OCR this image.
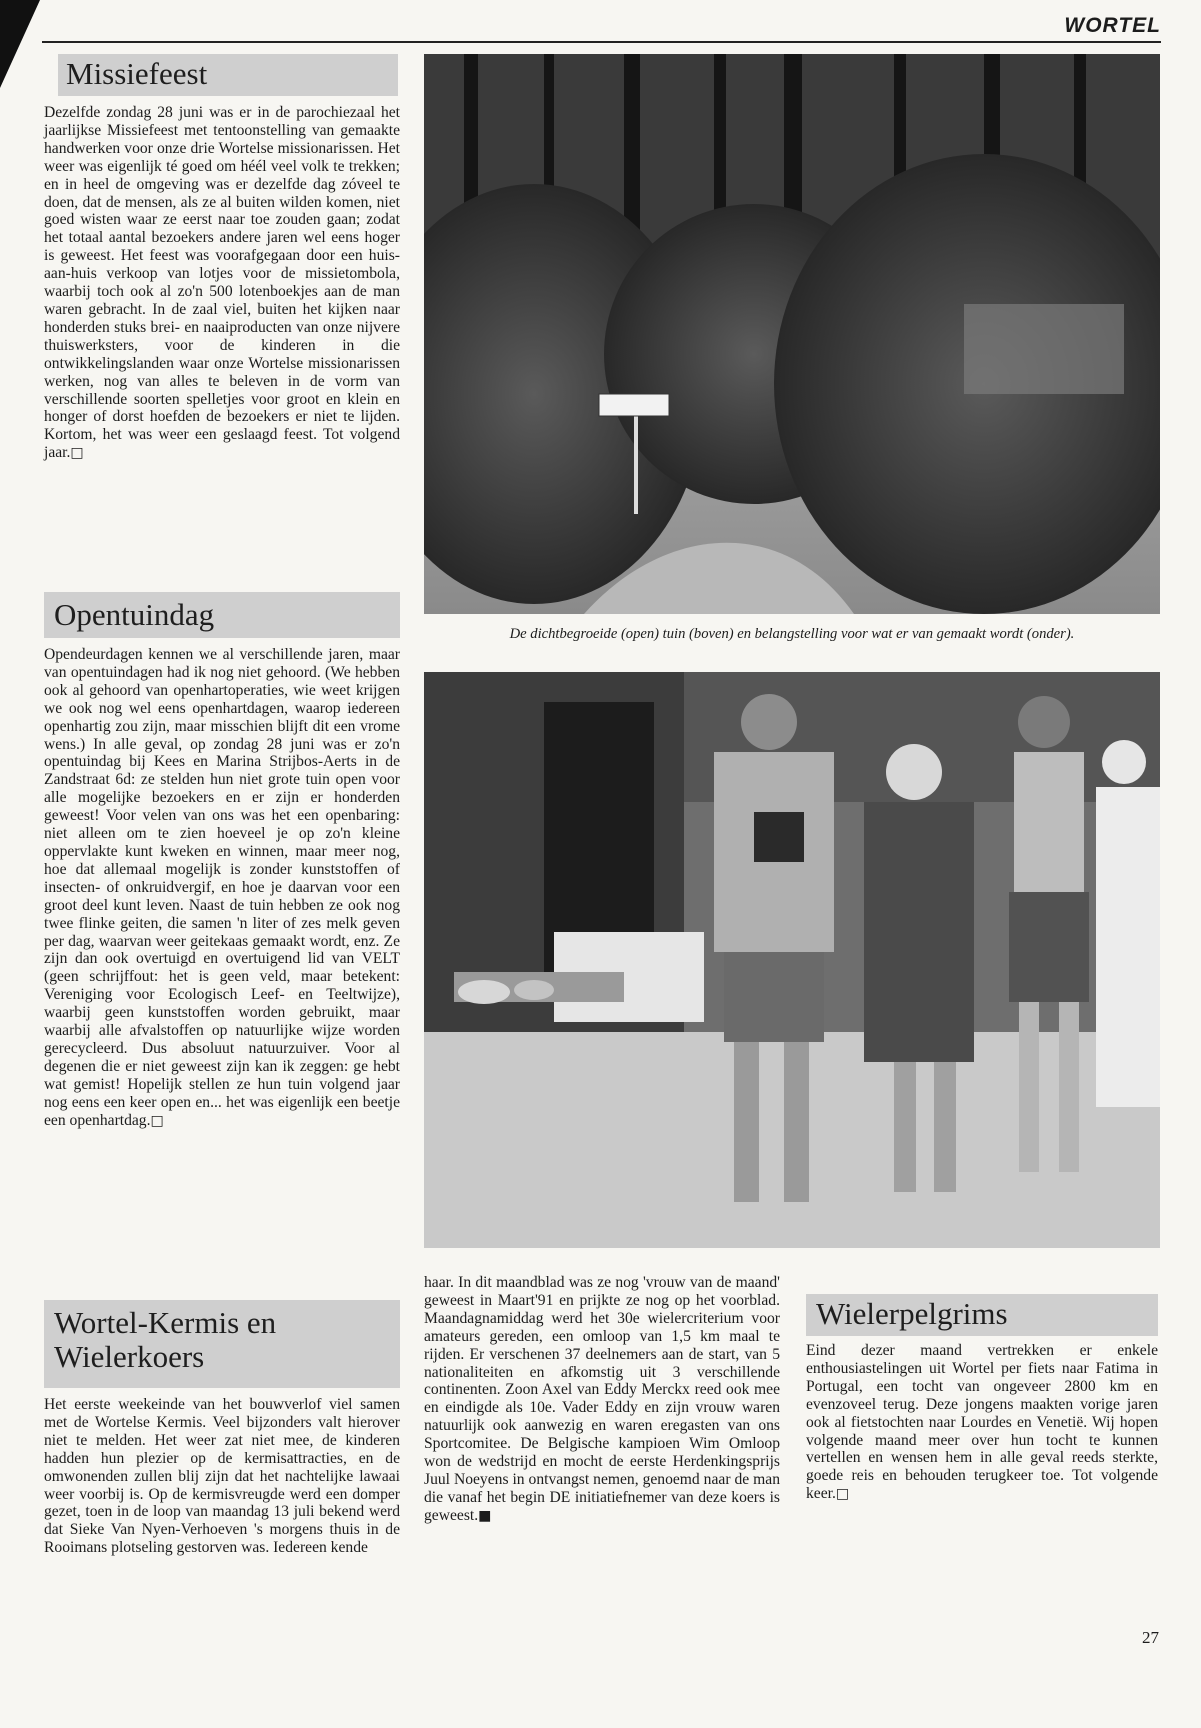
WORTEL
Missiefeest

Dezelfde zondag 28 juni was er in de parochiezaal het jaarlijkse Missiefeest met tentoonstelling van gemaakte handwerken voor onze drie Wortelse missionarissen. Het weer was eigenlijk té goed om héél veel volk te trekken; en in heel de omgeving was er dezelfde dag zóveel te doen, dat de mensen, als ze al buiten wilden komen, niet goed wisten waar ze eerst naar toe zouden gaan; zodat het totaal aantal bezoekers andere jaren wel eens hoger is geweest. Het feest was voorafgegaan door een huis-aan-huis verkoop van lotjes voor de missietombola, waarbij toch ook al zo'n 500 lotenboekjes aan de man waren gebracht. In de zaal viel, buiten het kijken naar honderden stuks brei- en naaiproducten van onze nijvere thuiswerksters, voor de kinderen in die ontwikkelingslanden waar onze Wortelse missionarissen werken, nog van alles te beleven in de vorm van verschillende soorten spelletjes voor groot en klein en honger of dorst hoefden de bezoekers er niet te lijden. Kortom, het was weer een geslaagd feest. Tot volgend jaar.□

Opentuindag

Opendeurdagen kennen we al verschillende jaren, maar van opentuindagen had ik nog niet gehoord. (We hebben ook al gehoord van openhartoperaties, wie weet krijgen we ook nog wel eens openhartdagen, waarop iedereen openhartig zou zijn, maar misschien blijft dit een vrome wens.) In alle geval, op zondag 28 juni was er zo'n opentuindag bij Kees en Marina Strijbos-Aerts in de Zandstraat 6d: ze stelden hun niet grote tuin open voor alle mogelijke bezoekers en er zijn er honderden geweest! Voor velen van ons was het een openbaring: niet alleen om te zien hoeveel je op zo'n kleine oppervlakte kunt kweken en winnen, maar meer nog, hoe dat allemaal mogelijk is zonder kunststoffen of insecten- of onkruidvergif, en hoe je daarvan voor een groot deel kunt leven. Naast de tuin hebben ze ook nog twee flinke geiten, die samen 'n liter of zes melk geven per dag, waarvan weer geitekaas gemaakt wordt, enz. Ze zijn dan ook overtuigd en overtuigend lid van VELT (geen schrijffout: het is geen veld, maar betekent: Vereniging voor Ecologisch Leef- en Teeltwijze), waarbij geen kunststoffen worden gebruikt, maar waarbij alle afvalstoffen op natuurlijke wijze worden gerecycleerd. Dus absoluut natuurzuiver. Voor al degenen die er niet geweest zijn kan ik zeggen: ge hebt wat gemist! Hopelijk stellen ze hun tuin volgend jaar nog eens een keer open en... het was eigenlijk een beetje een openhartdag.□

Wortel-Kermis en
Wielerkoers

Het eerste weekeinde van het bouwverlof viel samen met de Wortelse Kermis. Veel bijzonders valt hierover niet te melden. Het weer zat niet mee, de kinderen hadden hun plezier op de kermisattracties, en de omwonenden zullen blij zijn dat het nachtelijke lawaai weer voorbij is. Op de kermisvreugde werd een domper gezet, toen in de loop van maandag 13 juli bekend werd dat Sieke Van Nyen-Verhoeven 's morgens thuis in de Rooimans plotseling gestorven was. Iedereen kende

haar. In dit maandblad was ze nog 'vrouw van de maand' geweest in Maart'91 en prijkte ze nog op het voorblad. Maandagnamiddag werd het 30e wielercriterium voor amateurs gereden, een omloop van 1,5 km maal te rijden. Er verschenen 37 deelnemers aan de start, van 5 nationaliteiten en afkomstig uit 3 verschillende continenten. Zoon Axel van Eddy Merckx reed ook mee en eindigde als 10e. Vader Eddy en zijn vrouw waren natuurlijk ook aanwezig en waren eregasten van ons Sportcomitee. De Belgische kampioen Wim Omloop won de wedstrijd en mocht de eerste Herdenkingsprijs Juul Noeyens in ontvangst nemen, genoemd naar de man die vanaf het begin DE initiatiefnemer van deze koers is geweest.■

Wielerpelgrims

Eind dezer maand vertrekken er enkele enthousiastelingen uit Wortel per fiets naar Fatima in Portugal, een tocht van ongeveer 2800 km en evenzoveel terug. Deze jongens maakten vorige jaren ook al fietstochten naar Lourdes en Venetië. Wij hopen volgende maand meer over hun tocht te kunnen vertellen en wensen hem in alle geval reeds sterkte, goede reis en behouden terugkeer toe. Tot volgende keer.□

De dichtbegroeide (open) tuin (boven) en belangstelling voor wat er van gemaakt wordt (onder).

27
